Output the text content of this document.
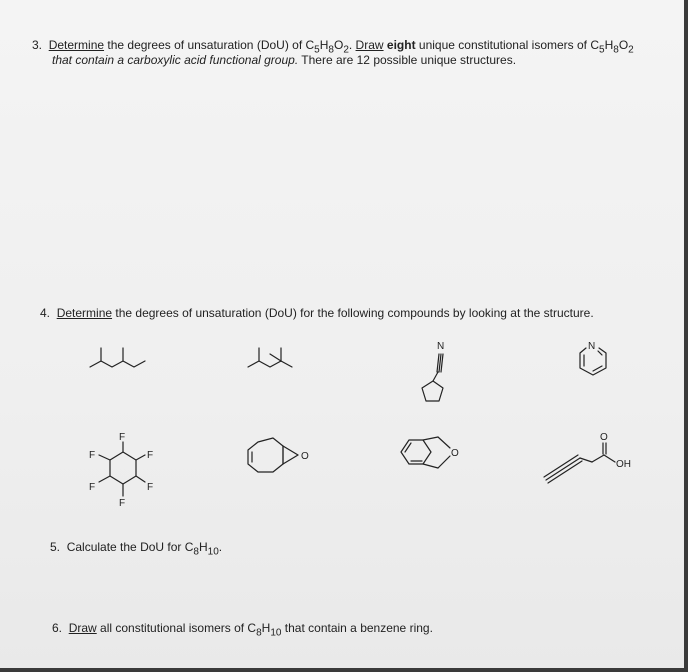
3. Determine the degrees of unsaturation (DoU) of $C_5H_8O_2$. Draw eight unique constitutional isomers of $C_5H_8O_2$
that contain a carboxylic acid functional group. There are 12 possible unique structures.
4. Determine the degrees of unsaturation (DoU) for the following compounds by looking at the structure.
N	N
F
F
F
F
F
F
O	O
O
OH
5. Calculate the DoU for $C_8H_{10}$.
6. Draw all constitutional isomers of $C_8H_{10}$ that contain a benzene ring.
